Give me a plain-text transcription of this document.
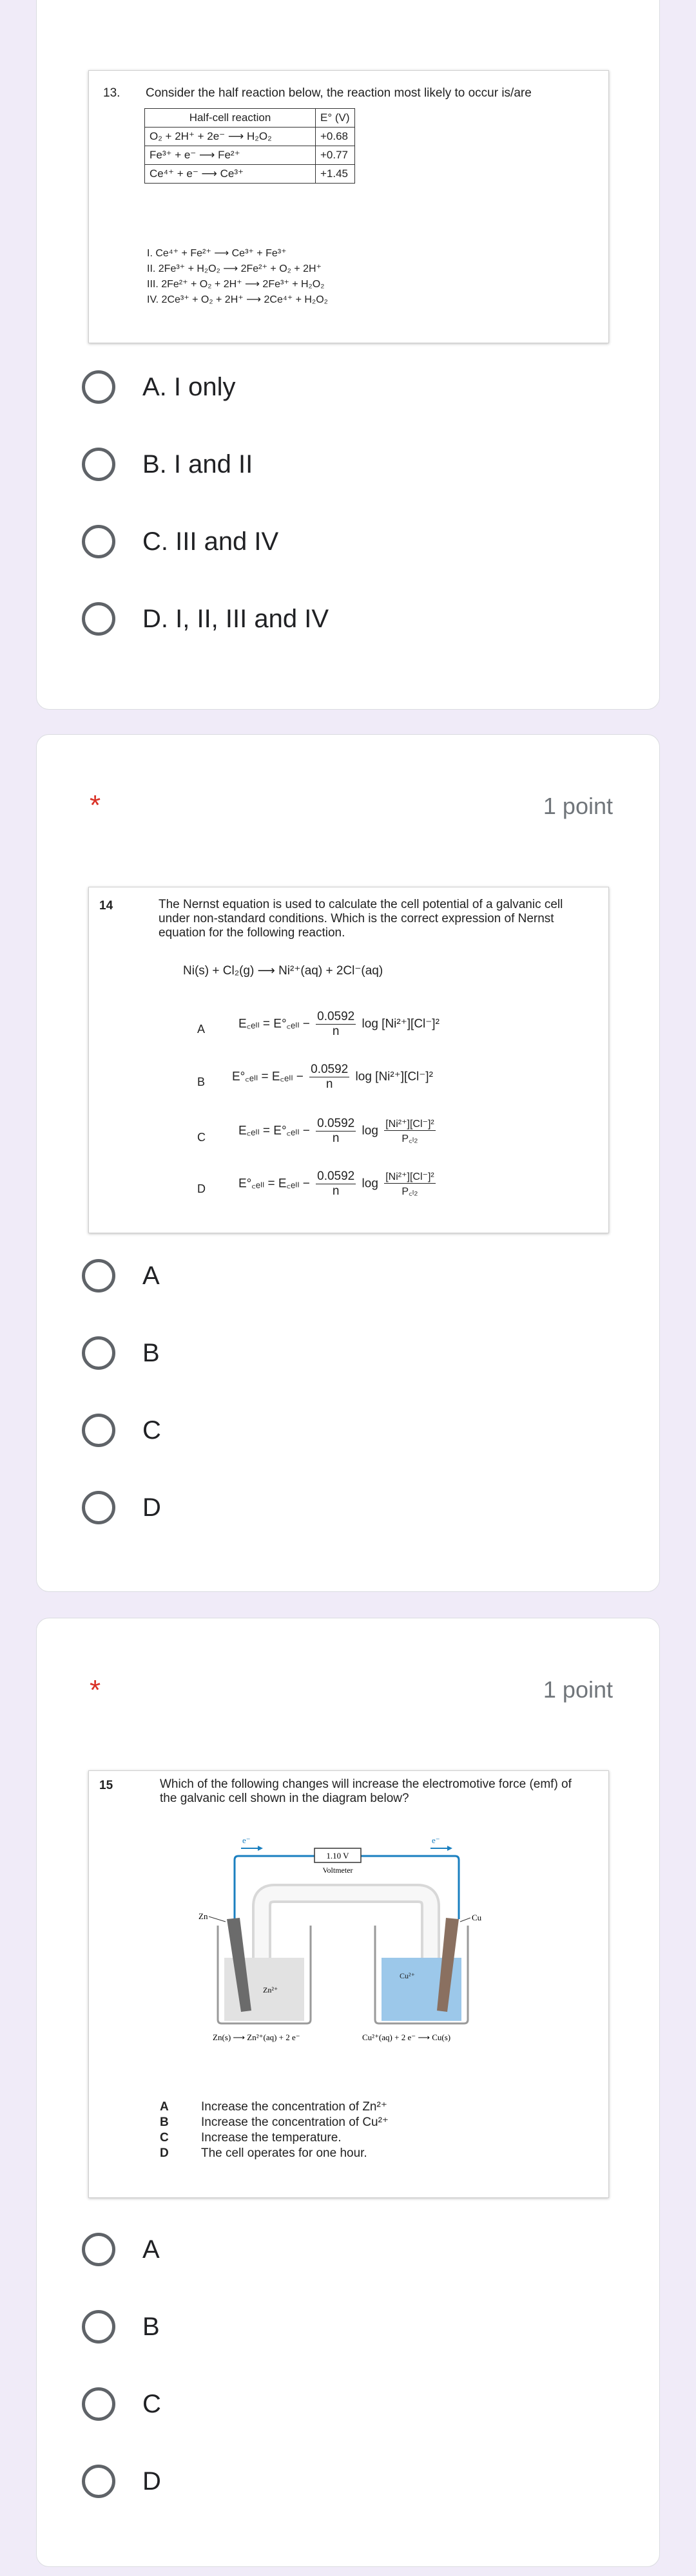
13. Consider the half reaction below, the reaction most likely to occur is/are
Half-cell reaction	E° (V)
O₂ + 2H⁺ + 2e⁻ ⟶ H₂O₂	+0.68
Fe³⁺ + e⁻ ⟶ Fe²⁺	+0.77
Ce⁴⁺ + e⁻ ⟶ Ce³⁺	+1.45
I. Ce⁴⁺ + Fe²⁺ ⟶ Ce³⁺ + Fe³⁺
II. 2Fe³⁺ + H₂O₂ ⟶ 2Fe²⁺ + O₂ + 2H⁺
III. 2Fe²⁺ + O₂ + 2H⁺ ⟶ 2Fe³⁺ + H₂O₂
IV. 2Ce³⁺ + O₂ + 2H⁺ ⟶ 2Ce⁴⁺ + H₂O₂
A. I only
B. I and II
C. III and IV
D. I, II, III and IV
*	1 point
14	The Nernst equation is used to calculate the cell potential of a galvanic cell under non-standard conditions. Which is the correct expression of Nernst equation for the following reaction.
Ni(s) + Cl₂(g) ⟶ Ni²⁺(aq) + 2Cl⁻(aq)
A	E꜀ₑₗₗ = E°꜀ₑₗₗ − $\frac{0.0592}{n}$ log [Ni²⁺][Cl⁻]²
B E°꜀ₑₗₗ = E꜀ₑₗₗ − $\frac{0.0592}{n}$ log [Ni²⁺][Cl⁻]²
C	E꜀ₑₗₗ = E°꜀ₑₗₗ − $\frac{0.0592}{n}$ $\log \frac{\text{[Ni²⁺][Cl⁻]²}}{\text{P꜀ₗ₂}}$
D	E°꜀ₑₗₗ = E꜀ₑₗₗ − $\frac{0.0592}{n}$ $\log \frac{\text{[Ni²⁺][Cl⁻]²}}{\text{P꜀ₗ₂}}$
A
B
C
D
*	1 point
15	Which of the following changes will increase the electromotive force (emf) of the galvanic cell shown in the diagram below?
e⁻	e⁻
1.10 V
Voltmeter
Zn	Cu
Zn²⁺
Cu²⁺
Zn(s) ⟶ Zn²⁺(aq) + 2 e⁻	Cu²⁺(aq) + 2 e⁻ ⟶ Cu(s)
A	Increase the concentration of Zn²⁺
B	Increase the concentration of Cu²⁺
C	Increase the temperature.
D	The cell operates for one hour.
A
B
C
D
